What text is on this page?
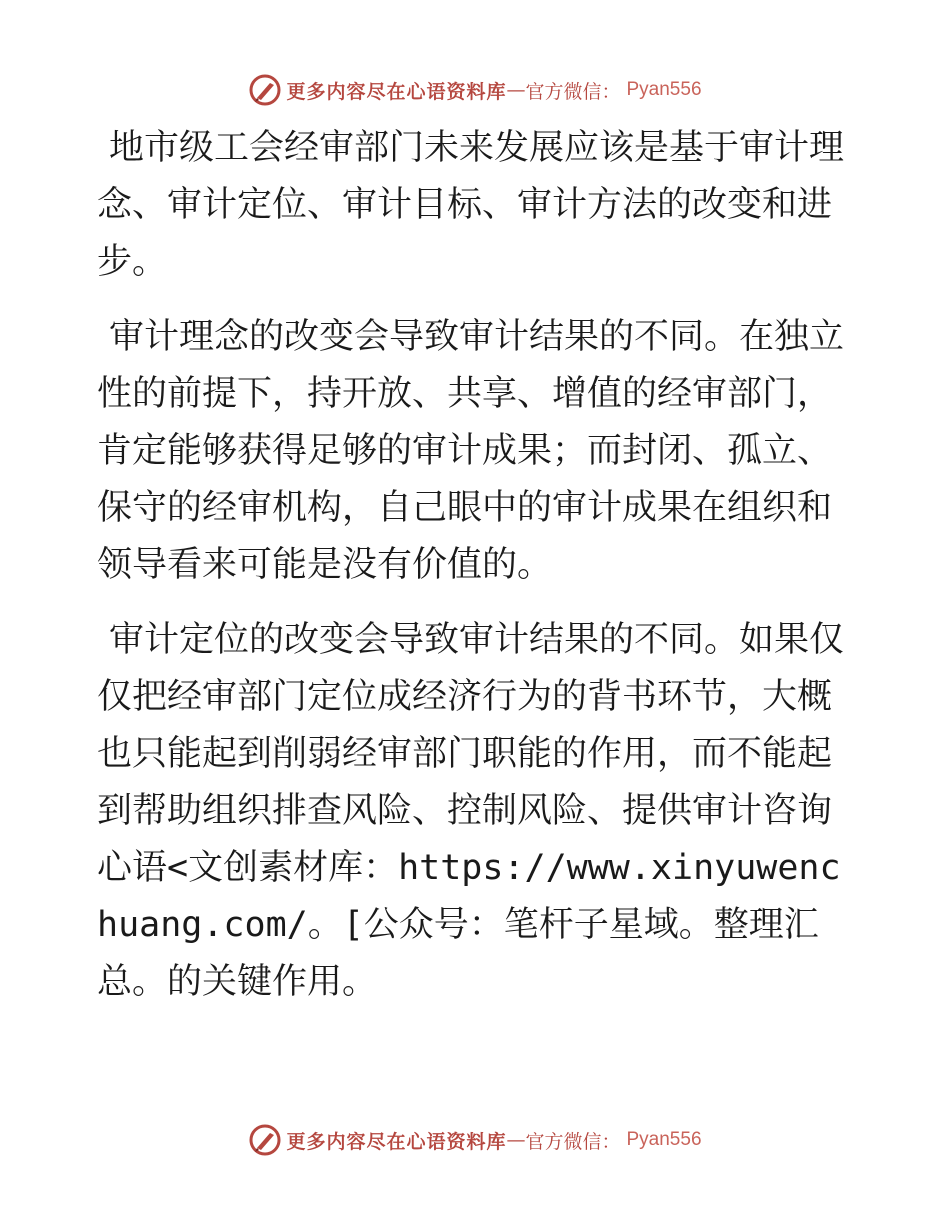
更多内容尽在心语资料库 — 官方微信： Pyan556

地市级工会经审部门未来发展应该是基于审计理念、审计定位、审计目标、审计方法的改变和进步。

审计理念的改变会导致审计结果的不同。在独立性的前提下，持开放、共享、增值的经审部门，肯定能够获得足够的审计成果；而封闭、孤立、保守的经审机构，自己眼中的审计成果在组织和领导看来可能是没有价值的。

审计定位的改变会导致审计结果的不同。如果仅仅把经审部门定位成经济行为的背书环节，大概也只能起到削弱经审部门职能的作用，而不能起到帮助组织排查风险、控制风险、提供审计咨询心语<文创素材库：https://www.xinyuwenchuang.com/。[公众号：笔杆子星域。整理汇总。的关键作用。

更多内容尽在心语资料库 — 官方微信： Pyan556
